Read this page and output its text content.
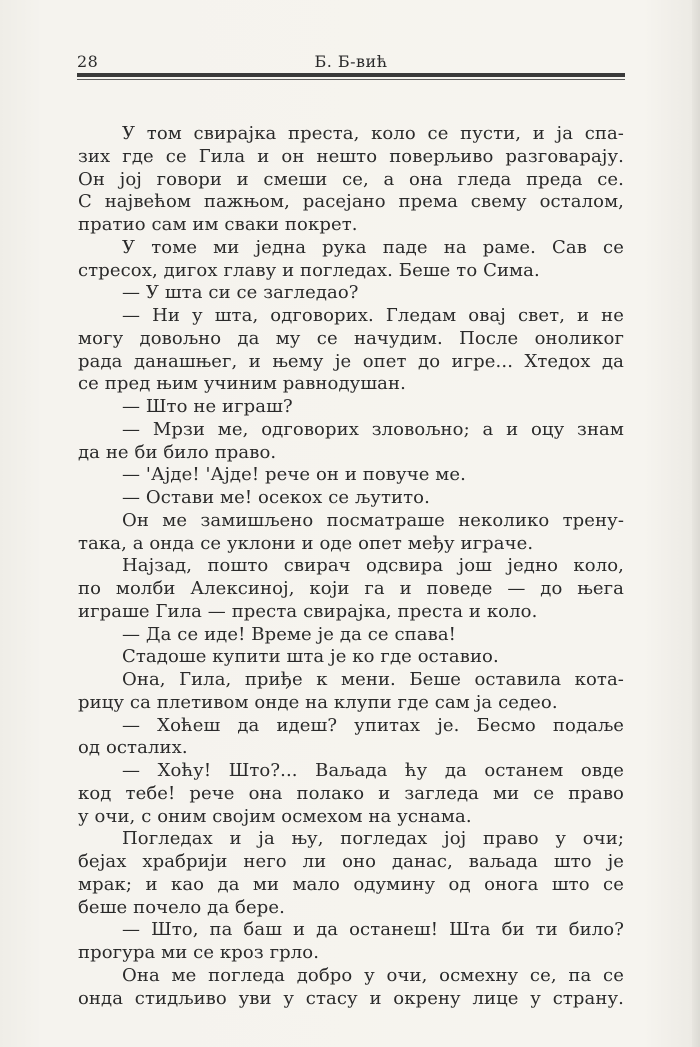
28	Б. Б-вић
У том свирајка преста, коло се пусти, и ја спа-
зих где се Гила и он нешто поверљиво разговарају.
Он јој говори и смеши се, а она гледа преда се.
С највећом пажњом, расејано према свему осталом,
пратио сам им сваки покрет.
У томе ми једна рука паде на раме. Сав се
стресох, дигох главу и погледах. Беше то Сима.
— У шта си се загледао?
— Ни у шта, одговорих. Гледам овај свет, и не
могу довољно да му се начудим. После оноликог
рада данашњег, и њему је опет до игре... Хтедох да
се пред њим учиним равнодушан.
— Што не играш?
— Мрзи ме, одговорих зловољно; а и оцу знам
да не би било право.
— 'Ајде! 'Ајде! рече он и повуче ме.
— Остави ме! осекох се љутито.
Он ме замишљено посматраше неколико трену-
така, а онда се уклони и оде опет међу играче.
Најзад, пошто свирач одсвира још једно коло,
по молби Алексиној, који га и поведе — до њега
играше Гила — преста свирајка, преста и коло.
— Да се иде! Време је да се спава!
Стадоше купити шта је ко где оставио.
Она, Гила, приђе к мени. Беше оставила кота-
рицу са плетивом онде на клупи где сам ја седео.
— Хоћеш да идеш? упитах је. Бесмо подаље
од осталих.
— Хоћу! Што?... Ваљада ћу да останем овде
код тебе! рече она полако и загледа ми се право
у очи, с оним својим осмехом на уснама.
Погледах и ја њу, погледах јој право у очи;
бејах храбрији него ли оно данас, ваљада што је
мрак; и као да ми мало одумину од онога што се
беше почело да бере.
— Што, па баш и да останеш! Шта би ти било?
прогура ми се кроз грло.
Она ме погледа добро у очи, осмехну се, па се
онда стидљиво уви у стасу и окрену лице у страну.
